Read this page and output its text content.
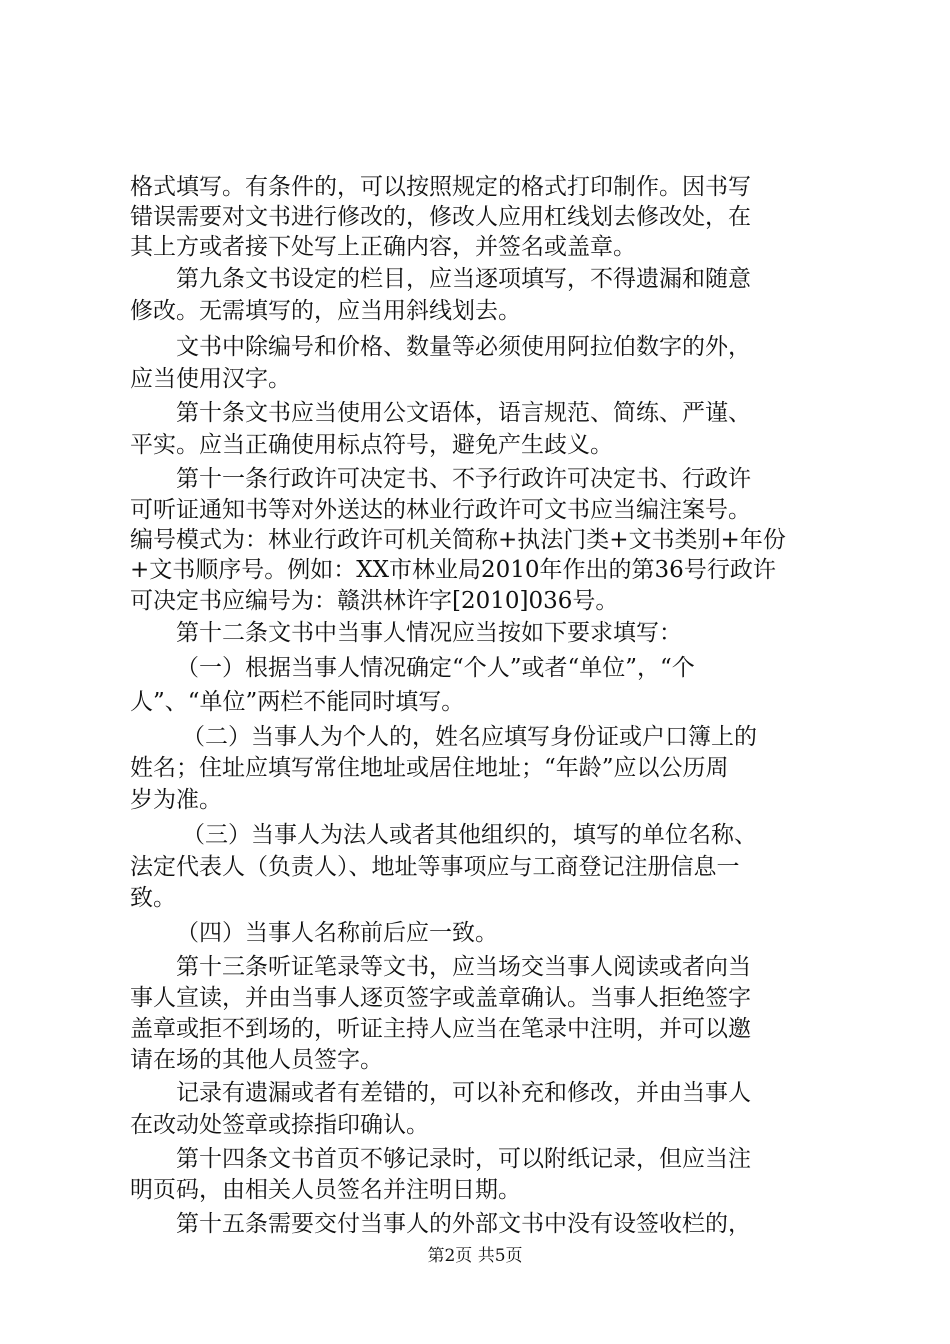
格式填写。有条件的，可以按照规定的格式打印制作。因书写
错误需要对文书进行修改的，修改人应用杠线划去修改处，在
其上方或者接下处写上正确内容，并签名或盖章。
第九条文书设定的栏目，应当逐项填写，不得遗漏和随意
修改。无需填写的，应当用斜线划去。
文书中除编号和价格、数量等必须使用阿拉伯数字的外，
应当使用汉字。
第十条文书应当使用公文语体，语言规范、简练、严谨、
平实。应当正确使用标点符号，避免产生歧义。
第十一条行政许可决定书、不予行政许可决定书、行政许
可听证通知书等对外送达的林业行政许可文书应当编注案号。
编号模式为：林业行政许可机关简称+执法门类+文书类别+年份
+文书顺序号。例如：XX市林业局2010年作出的第36号行政许
可决定书应编号为：赣洪林许字[2010]036号。
第十二条文书中当事人情况应当按如下要求填写：
（一）根据当事人情况确定“个人”或者“单位”，“个
人”、“单位”两栏不能同时填写。
（二）当事人为个人的，姓名应填写身份证或户口簿上的
姓名；住址应填写常住地址或居住地址；“年龄”应以公历周
岁为准。
（三）当事人为法人或者其他组织的，填写的单位名称、
法定代表人（负责人）、地址等事项应与工商登记注册信息一
致。
（四）当事人名称前后应一致。
第十三条听证笔录等文书，应当场交当事人阅读或者向当
事人宣读，并由当事人逐页签字或盖章确认。当事人拒绝签字
盖章或拒不到场的，听证主持人应当在笔录中注明，并可以邀
请在场的其他人员签字。
记录有遗漏或者有差错的，可以补充和修改，并由当事人
在改动处签章或捺指印确认。
第十四条文书首页不够记录时，可以附纸记录，但应当注
明页码，由相关人员签名并注明日期。
第十五条需要交付当事人的外部文书中没有设签收栏的，
第2页 共5页
